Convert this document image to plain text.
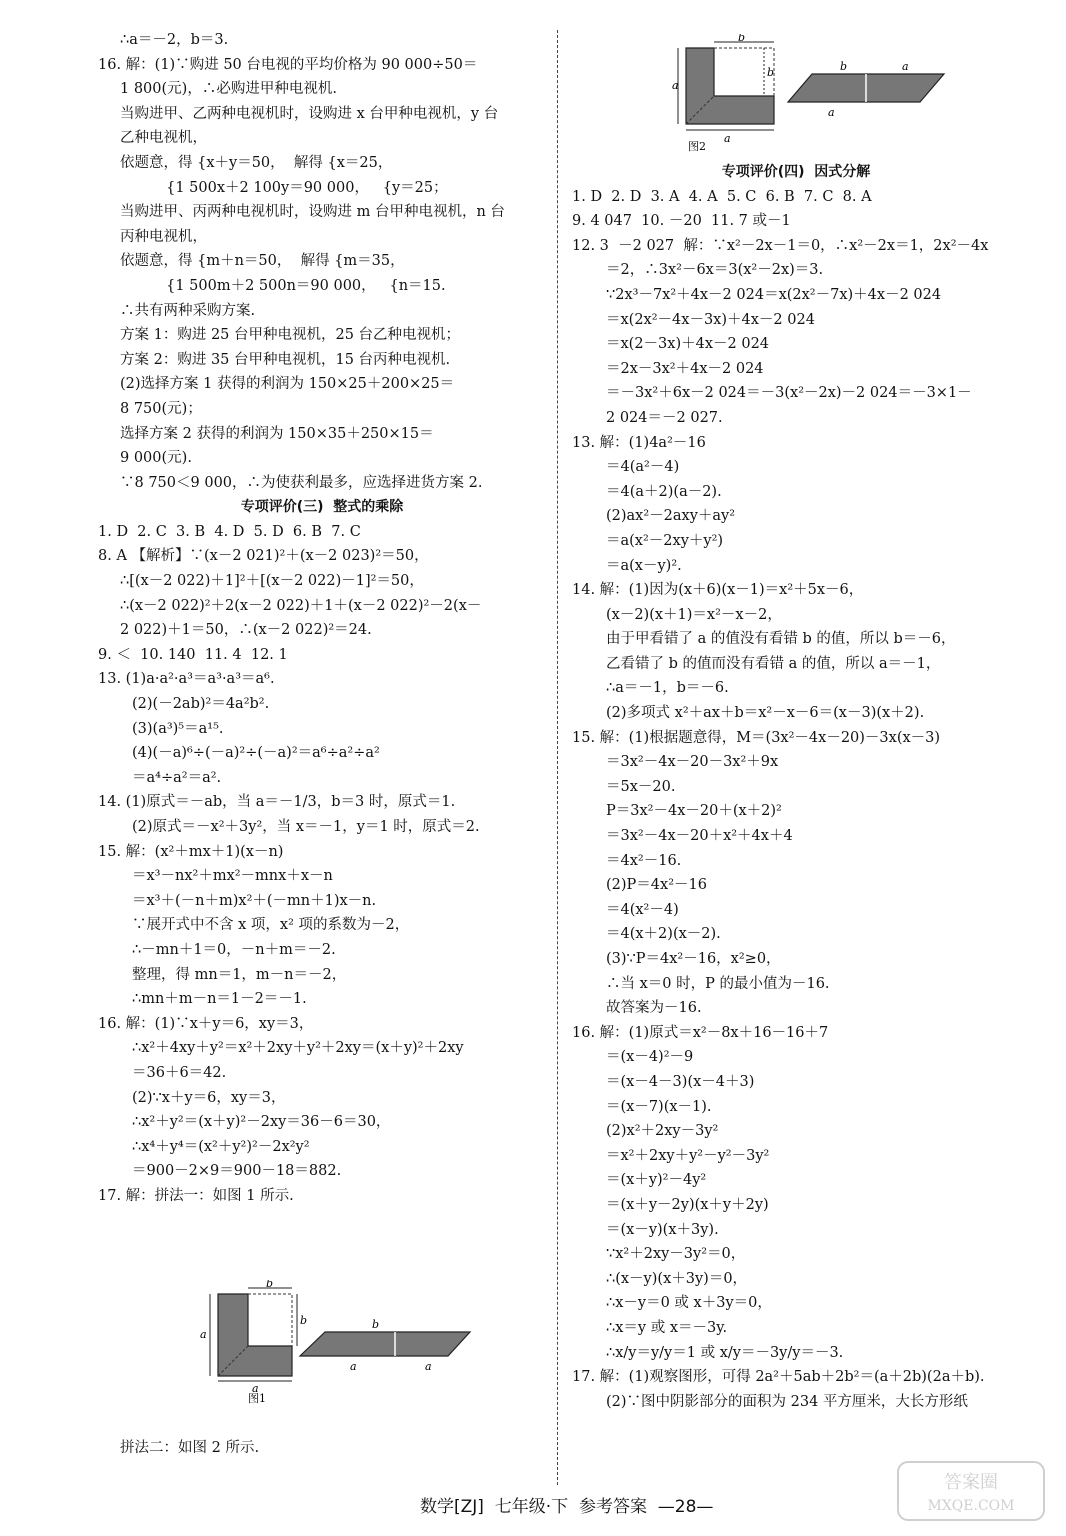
∴a＝－2，b＝3.
16. 解：(1)∵购进 50 台电视的平均价格为 90 000÷50＝
1 800(元)，∴必购进甲种电视机.
当购进甲、乙两种电视机时，设购进 x 台甲种电视机，y 台
乙种电视机，
依题意，得 {x＋y＝50，  解得 {x＝25，
{1 500x＋2 100y＝90 000，   {y＝25；
当购进甲、丙两种电视机时，设购进 m 台甲种电视机，n 台
丙种电视机，
依题意，得 {m＋n＝50，  解得 {m＝35，
{1 500m＋2 500n＝90 000，   {n＝15.
∴共有两种采购方案.
方案 1：购进 25 台甲种电视机，25 台乙种电视机；
方案 2：购进 35 台甲种电视机，15 台丙种电视机.
(2)选择方案 1 获得的利润为 150×25＋200×25＝
8 750(元)；
选择方案 2 获得的利润为 150×35＋250×15＝
9 000(元).
∵8 750＜9 000，∴为使获利最多，应选择进货方案 2.
专项评价(三)  整式的乘除
1. D  2. C  3. B  4. D  5. D  6. B  7. C
8. A 【解析】∵(x－2 021)²＋(x－2 023)²＝50，
∴[(x－2 022)＋1]²＋[(x－2 022)－1]²＝50，
∴(x－2 022)²＋2(x－2 022)＋1＋(x－2 022)²－2(x－
2 022)＋1＝50，∴(x－2 022)²＝24.
9. ＜  10. 140  11. 4  12. 1
13. (1)a·a²·a³＝a³·a³＝a⁶.
(2)(－2ab)²＝4a²b².
(3)(a³)⁵＝a¹⁵.
(4)(－a)⁶÷(－a)²÷(－a)²＝a⁶÷a²÷a²
＝a⁴÷a²＝a².
14. (1)原式＝－ab，当 a＝－1/3，b＝3 时，原式＝1.
(2)原式＝－x²＋3y²，当 x＝－1，y＝1 时，原式＝2.
15. 解：(x²＋mx＋1)(x－n)
＝x³－nx²＋mx²－mnx＋x－n
＝x³＋(－n＋m)x²＋(－mn＋1)x－n.
∵展开式中不含 x 项，x² 项的系数为－2，
∴－mn＋1＝0，－n＋m＝－2.
整理，得 mn＝1，m－n＝－2，
∴mn＋m－n＝1－2＝－1.
16. 解：(1)∵x＋y＝6，xy＝3，
∴x²＋4xy＋y²＝x²＋2xy＋y²＋2xy＝(x＋y)²＋2xy
＝36＋6＝42.
(2)∵x＋y＝6，xy＝3，
∴x²＋y²＝(x＋y)²－2xy＝36－6＝30，
∴x⁴＋y⁴＝(x²＋y²)²－2x²y²
＝900－2×9＝900－18＝882.
17. 解：拼法一：如图 1 所示.
专项评价(四)  因式分解
1. D  2. D  3. A  4. A  5. C  6. B  7. C  8. A
9. 4 047  10. －20  11. 7 或－1
12. 3  －2 027  解：∵x²－2x－1＝0，∴x²－2x＝1，2x²－4x
＝2，∴3x²－6x＝3(x²－2x)＝3.
∵2x³－7x²＋4x－2 024＝x(2x²－7x)＋4x－2 024
＝x(2x²－4x－3x)＋4x－2 024
＝x(2－3x)＋4x－2 024
＝2x－3x²＋4x－2 024
＝－3x²＋6x－2 024＝－3(x²－2x)－2 024＝－3×1－
2 024＝－2 027.
13. 解：(1)4a²－16
＝4(a²－4)
＝4(a＋2)(a－2).
(2)ax²－2axy＋ay²
＝a(x²－2xy＋y²)
＝a(x－y)².
14. 解：(1)因为(x＋6)(x－1)＝x²＋5x－6，
(x－2)(x＋1)＝x²－x－2，
由于甲看错了 a 的值没有看错 b 的值，所以 b＝－6，
乙看错了 b 的值而没有看错 a 的值，所以 a＝－1，
∴a＝－1，b＝－6.
(2)多项式 x²＋ax＋b＝x²－x－6＝(x－3)(x＋2).
15. 解：(1)根据题意得，M＝(3x²－4x－20)－3x(x－3)
＝3x²－4x－20－3x²＋9x
＝5x－20.
P＝3x²－4x－20＋(x＋2)²
＝3x²－4x－20＋x²＋4x＋4
＝4x²－16.
(2)P＝4x²－16
＝4(x²－4)
＝4(x＋2)(x－2).
(3)∵P＝4x²－16，x²≥0，
∴当 x＝0 时，P 的最小值为－16.
故答案为－16.
16. 解：(1)原式＝x²－8x＋16－16＋7
＝(x－4)²－9
＝(x－4－3)(x－4＋3)
＝(x－7)(x－1).
(2)x²＋2xy－3y²
＝x²＋2xy＋y²－y²－3y²
＝(x＋y)²－4y²
＝(x＋y－2y)(x＋y＋2y)
＝(x－y)(x＋3y).
∵x²＋2xy－3y²＝0，
∴(x－y)(x＋3y)＝0，
∴x－y＝0 或 x＋3y＝0，
∴x＝y 或 x＝－3y.
∴x/y＝y/y＝1 或 x/y＝－3y/y＝－3.
17. 解：(1)观察图形，可得 2a²＋5ab＋2b²＝(a＋2b)(2a＋b).
(2)∵图中阴影部分的面积为 234 平方厘米，大长方形纸
b
a
b
a
b
a	a
图1
b
a
b
a
b	a
a
图2
拼法二：如图 2 所示.
数学[ZJ]  七年级·下  参考答案  —28—
答案圈
MXQE.COM
